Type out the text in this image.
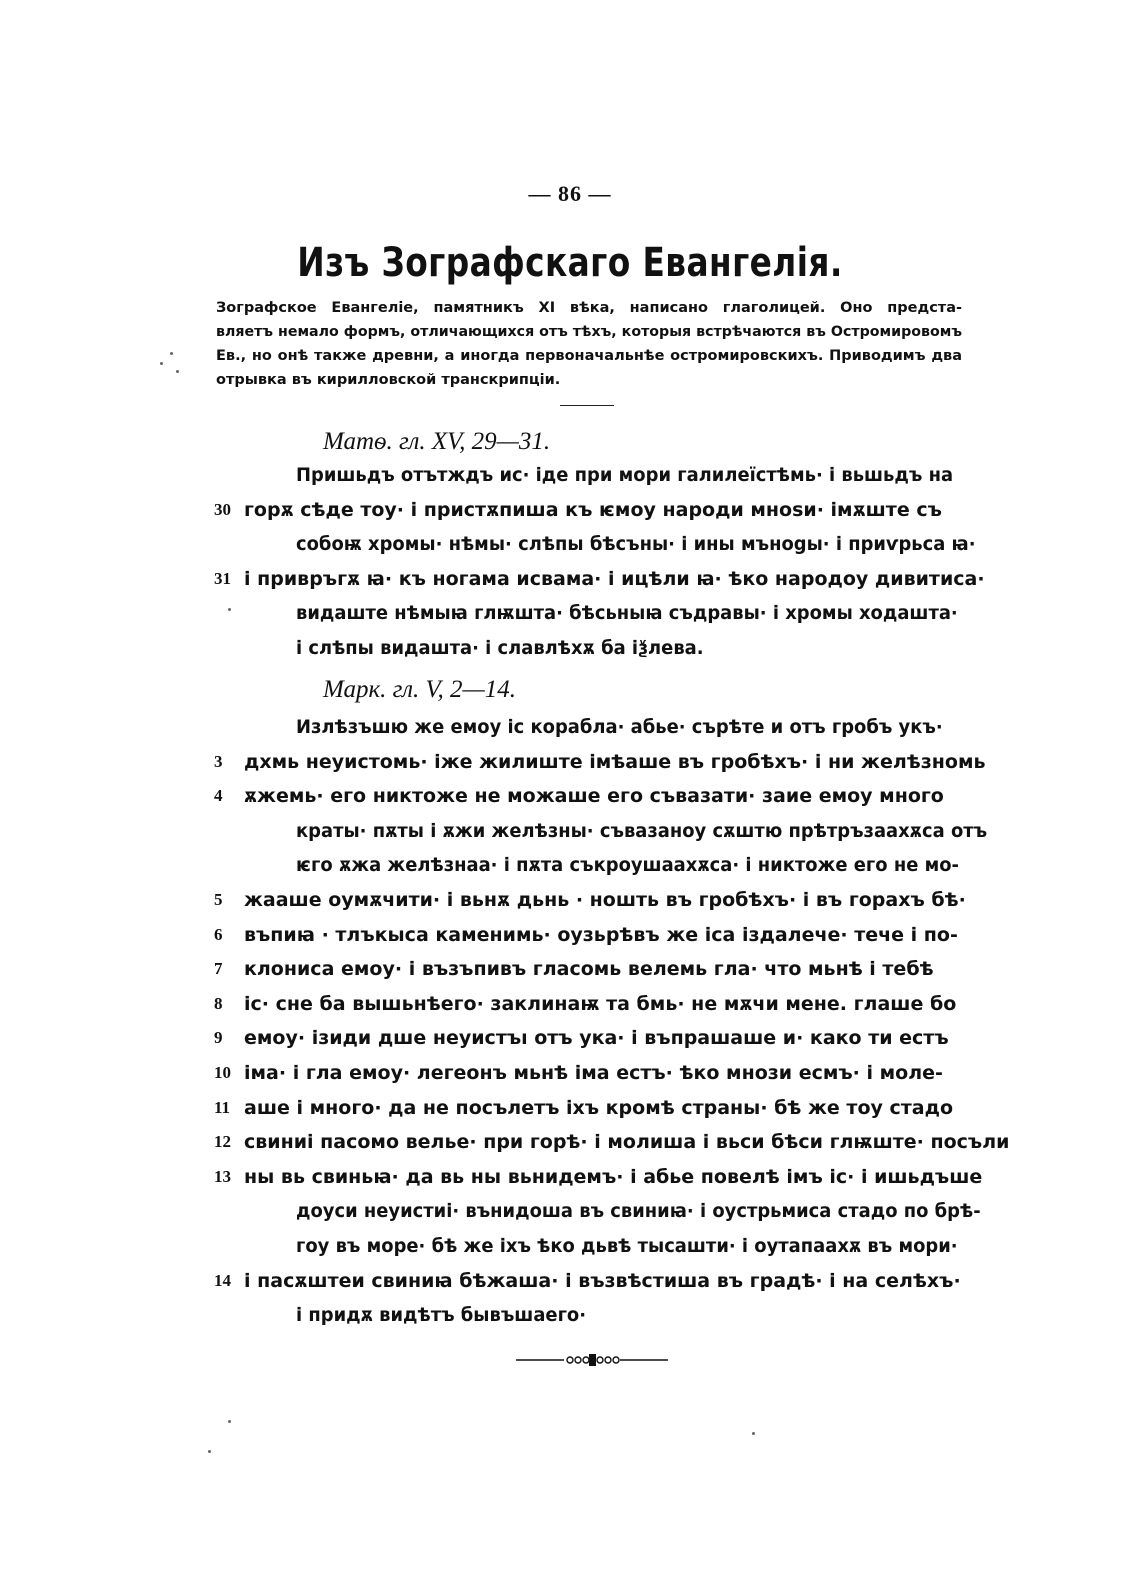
— 86 —
Изъ Зографскаго Евангелія.
Зографское Евангеліе, памятникъ XI вѣка, написано глаголицей. Оно предста-
вляетъ немало формъ, отличающихся отъ тѣхъ, которыя встрѣчаются въ Остромировомъ
Ев., но онѣ также древни, а иногда первоначальнѣе остромировскихъ. Приводимъ два
отрывка въ кирилловской транскрипціи.
Матѳ. гл. XV, 29—31.
Пришьдъ отътждъ ис· іде при мори галилеїстѣмь· і вьшьдъ на
30 горѫ сѣде тоу· і пристѫпиша къ ѥмоу народи мноsи· імѫште съ
собоѭ хромы· нѣмы· слѣпы бѣсъны· і ины мънogы· і приѵрьса ꙗ·
31 і привръгѫ ꙗ· къ ногама исвама· і ицѣли ꙗ· ѣко народоу дивитиса·
видаште нѣмыꙗ глѭшта· бѣсьныꙗ съдравы· і хромы ходашта·
і слѣпы видашта· і славлѣхѫ ба іѯлева.
Марк. гл. V, 2—14.
Излѣзъшю же емоу іс корабла· абье· сърѣте и отъ гробъ укъ·
3	дхмь неуистомь· іже жилиште імѣаше въ гробѣхъ· і ни желѣзномь
4	ѫжемь· его никтоже не можаше его съвазати· заие емоу много
краты· пѫты і ѫжи желѣзны· съвазаноу сѫштю прѣтръзаахѫса отъ
ѥго ѫжа желѣзнаа· і пѫта съкроушаахѫса· і никтоже его не мо-
5	жааше оумѫчити· і вьнѫ дьнь · ношть въ гробѣхъ· і въ горахъ бѣ·
6	въпиꙗ · тлъкыса каменимь· оузьрѣвъ же іса іздалече· тече і по-
7	клониса емоу· і възъпивъ гласомь велемь гла· что мьнѣ і тебѣ
8	іс· сне ба вышьнѣего· заклинаѭ та бмь· не мѫчи мене. глаше бо
9	емоу· ізиди дше неуистъı отъ ука· і въпрашаше и· како ти естъ
10 іма· і гла емоу· легеонъ мьнѣ іма естъ· ѣко мнози есмъ· і моле-
11 аше і много· да не посълетъ іхъ кромѣ страны· бѣ же тоу стадо
12 свиниі пасомо велье· при горѣ· і молиша і вьси бѣси глѭште· посъли
13 ны вь свиньꙗ· да вь ны вьнидемъ· і абье повелѣ імъ іс· і ишьдъше
доуси неуистиі· вънидоша въ свиниꙗ· і оустрьмиса стадо по брѣ-
гоу въ море· бѣ же іхъ ѣко дьвѣ тысашти· і оутапаахѫ въ мори·
14 і пасѫштеи свиниꙗ бѣжаша· і възвѣстиша въ градѣ· і на селѣхъ·
і придѫ видѣтъ бывъшаего·
